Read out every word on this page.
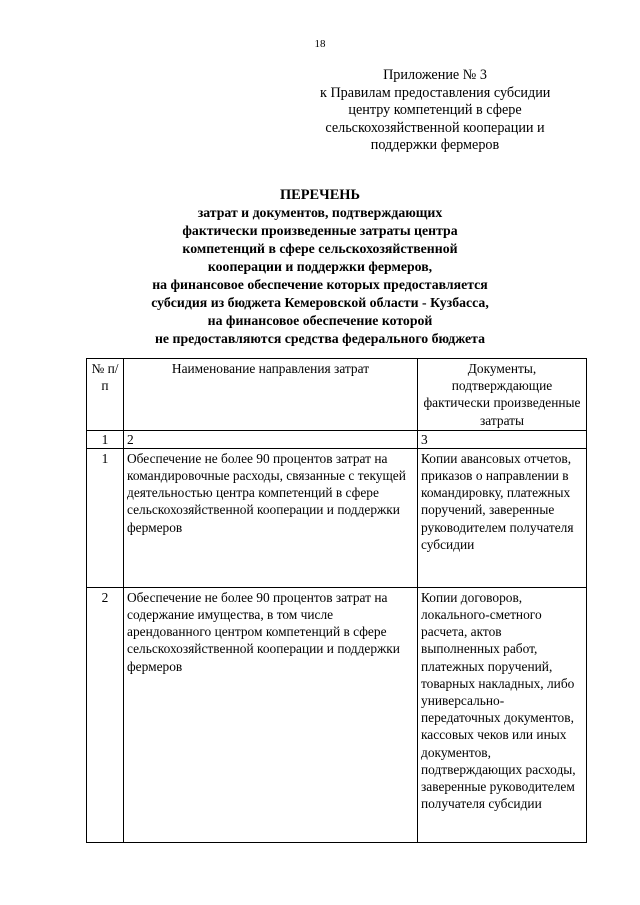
18
Приложение № 3
к Правилам предоставления субсидии
центру компетенций в сфере
сельскохозяйственной кооперации и
поддержки фермеров
ПЕРЕЧЕНЬ
затрат и документов, подтверждающих
фактически произведенные затраты центра
компетенций в сфере сельскохозяйственной
кооперации и поддержки фермеров,
на финансовое обеспечение которых предоставляется
субсидия из бюджета Кемеровской области - Кузбасса,
на финансовое обеспечение которой
не предоставляются средства федерального бюджета
№ п/п	Наименование направления затрат	Документы, подтверждающие фактически произведенные затраты
1	2	3
1	Обеспечение не более 90 процентов затрат на командировочные расходы, связанные с текущей деятельностью центра компетенций в сфере сельскохозяйственной кооперации и поддержки фермеров	Копии авансовых отчетов, приказов о направлении в командировку, платежных поручений, заверенные руководителем получателя субсидии
2	Обеспечение не более 90 процентов затрат на содержание имущества, в том числе арендованного центром компетенций в сфере сельскохозяйственной кооперации и поддержки фермеров	Копии договоров, локального-сметного расчета, актов выполненных работ, платежных поручений, товарных накладных, либо универсально-передаточных документов, кассовых чеков или иных документов, подтверждающих расходы, заверенные руководителем получателя субсидии
